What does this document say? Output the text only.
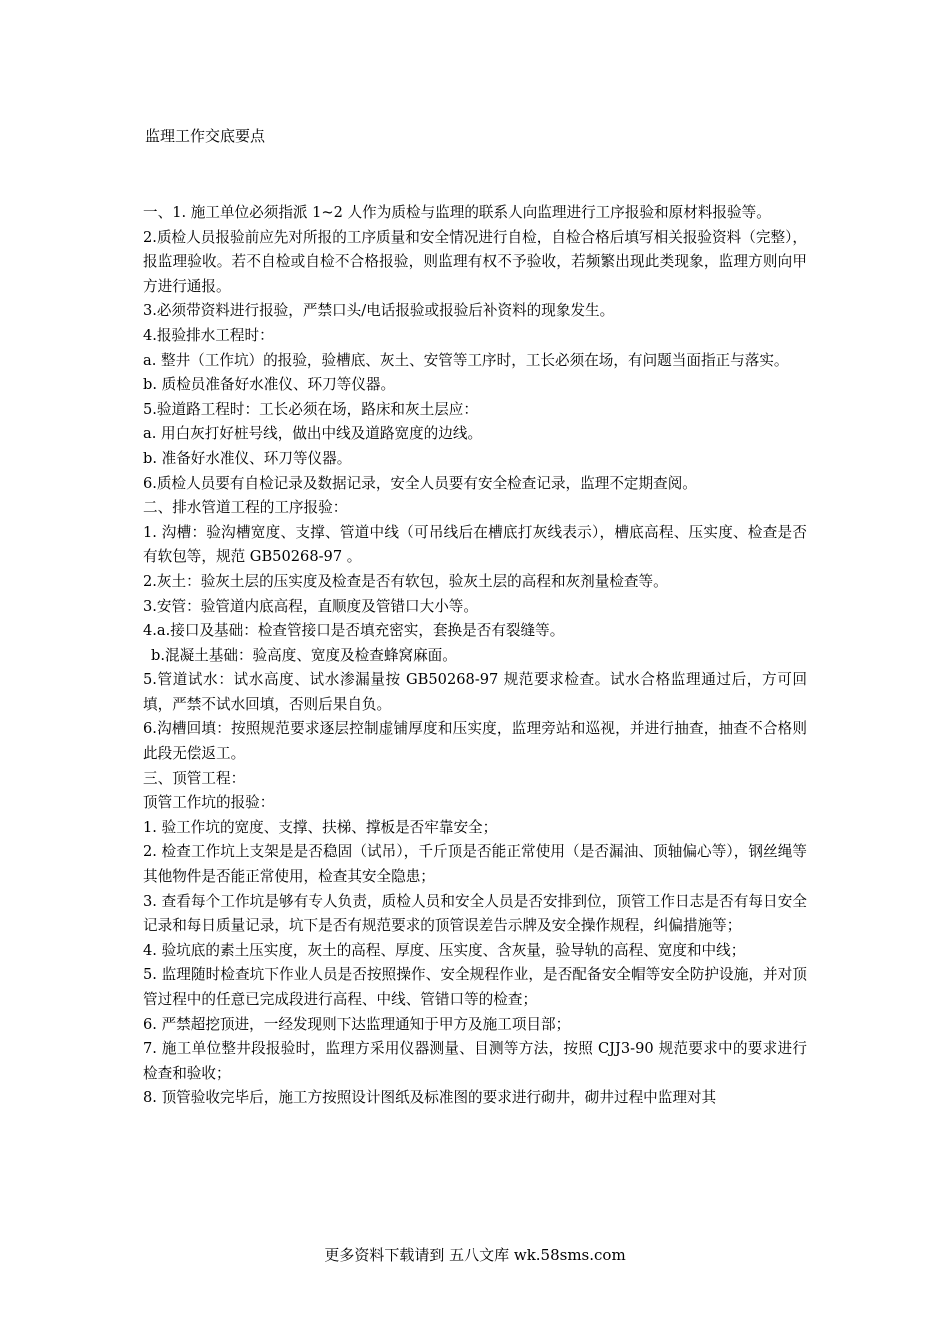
监理工作交底要点

一、1. 施工单位必须指派 1~2 人作为质检与监理的联系人向监理进行工序报验和原材料报验等。

2.质检人员报验前应先对所报的工序质量和安全情况进行自检，自检合格后填写相关报验资料（完整），报监理验收。若不自检或自检不合格报验，则监理有权不予验收，若频繁出现此类现象，监理方则向甲方进行通报。

3.必须带资料进行报验，严禁口头/电话报验或报验后补资料的现象发生。

4.报验排水工程时：

a. 整井（工作坑）的报验，验槽底、灰土、安管等工序时，工长必须在场，有问题当面指正与落实。

b. 质检员准备好水准仪、环刀等仪器。

5.验道路工程时：工长必须在场，路床和灰土层应：

a. 用白灰打好桩号线，做出中线及道路宽度的边线。

b. 准备好水准仪、环刀等仪器。

6.质检人员要有自检记录及数据记录，安全人员要有安全检查记录，监理不定期查阅。

二、排水管道工程的工序报验：

1. 沟槽：验沟槽宽度、支撑、管道中线（可吊线后在槽底打灰线表示），槽底高程、压实度、检查是否有软包等，规范 GB50268-97 。

2.灰土：验灰土层的压实度及检查是否有软包，验灰土层的高程和灰剂量检查等。

3.安管：验管道内底高程，直顺度及管错口大小等。

4.a.接口及基础：检查管接口是否填充密实，套换是否有裂缝等。

b.混凝土基础：验高度、宽度及检查蜂窝麻面。

5.管道试水：试水高度、试水渗漏量按 GB50268-97 规范要求检查。试水合格监理通过后，方可回填，严禁不试水回填，否则后果自负。

6.沟槽回填：按照规范要求逐层控制虚铺厚度和压实度，监理旁站和巡视，并进行抽查，抽查不合格则此段无偿返工。

三、顶管工程：

顶管工作坑的报验：

1. 验工作坑的宽度、支撑、扶梯、撑板是否牢靠安全；

2. 检查工作坑上支架是是否稳固（试吊），千斤顶是否能正常使用（是否漏油、顶轴偏心等），钢丝绳等其他物件是否能正常使用，检查其安全隐患；

3. 查看每个工作坑是够有专人负责，质检人员和安全人员是否安排到位，顶管工作日志是否有每日安全记录和每日质量记录，坑下是否有规范要求的顶管误差告示牌及安全操作规程，纠偏措施等；

4. 验坑底的素土压实度，灰土的高程、厚度、压实度、含灰量，验导轨的高程、宽度和中线；

5. 监理随时检查坑下作业人员是否按照操作、安全规程作业，是否配备安全帽等安全防护设施，并对顶管过程中的任意已完成段进行高程、中线、管错口等的检查；

6. 严禁超挖顶进，一经发现则下达监理通知于甲方及施工项目部；

7. 施工单位整井段报验时，监理方采用仪器测量、目测等方法，按照 CJJ3-90 规范要求中的要求进行检查和验收；

8. 顶管验收完毕后，施工方按照设计图纸及标准图的要求进行砌井，砌井过程中监理对其

更多资料下载请到 五八文库 wk.58sms.com
